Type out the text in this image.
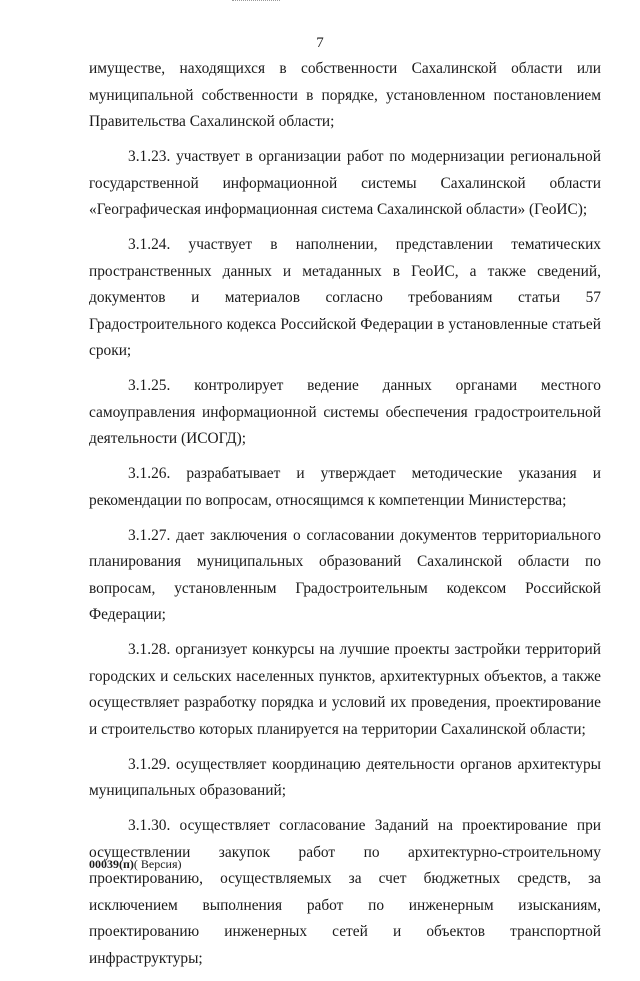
7

имуществе, находящихся в собственности Сахалинской области или муниципальной собственности в порядке, установленном постановлением Правительства Сахалинской области;

3.1.23. участвует в организации работ по модернизации региональной государственной информационной системы Сахалинской области «Географическая информационная система Сахалинской области» (ГеоИС);

3.1.24. участвует в наполнении, представлении тематических пространственных данных и метаданных в ГеоИС, а также сведений, документов и материалов согласно требованиям статьи 57 Градостроительного кодекса Российской Федерации в установленные статьей сроки;

3.1.25. контролирует ведение данных органами местного самоуправления информационной системы обеспечения градостроительной деятельности (ИСОГД);

3.1.26. разрабатывает и утверждает методические указания и рекомендации по вопросам, относящимся к компетенции Министерства;

3.1.27. дает заключения о согласовании документов территориального планирования муниципальных образований Сахалинской области по вопросам, установленным Градостроительным кодексом Российской Федерации;

3.1.28. организует конкурсы на лучшие проекты застройки территорий городских и сельских населенных пунктов, архитектурных объектов, а также осуществляет разработку порядка и условий их проведения, проектирование и строительство которых планируется на территории Сахалинской области;

3.1.29. осуществляет координацию деятельности органов архитектуры муниципальных образований;

3.1.30. осуществляет согласование Заданий на проектирование при осуществлении закупок работ по архитектурно-строительному проектированию, осуществляемых за счет бюджетных средств, за исключением выполнения работ по инженерным изысканиям, проектированию инженерных сетей и объектов транспортной инфраструктуры;

00039(п)( Версия)
